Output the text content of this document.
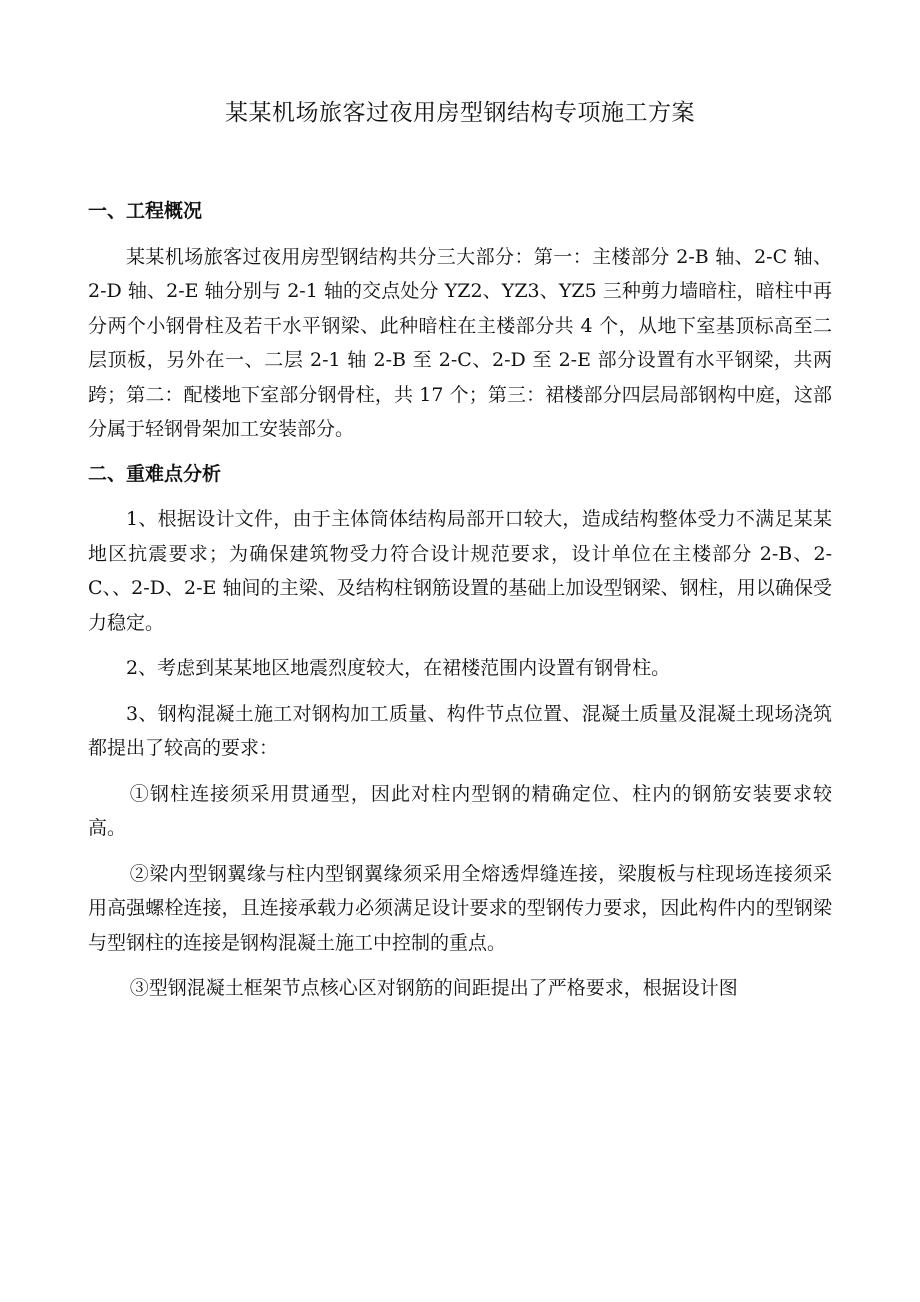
某某机场旅客过夜用房型钢结构专项施工方案

一、工程概况

某某机场旅客过夜用房型钢结构共分三大部分：第一：主楼部分 2-B 轴、2-C 轴、2-D 轴、2-E 轴分别与 2-1 轴的交点处分 YZ2、YZ3、YZ5 三种剪力墙暗柱，暗柱中再分两个小钢骨柱及若干水平钢梁、此种暗柱在主楼部分共 4 个，从地下室基顶标高至二层顶板，另外在一、二层 2-1 轴 2-B 至 2-C、2-D 至 2-E 部分设置有水平钢梁，共两跨；第二：配楼地下室部分钢骨柱，共 17 个；第三：裙楼部分四层局部钢构中庭，这部分属于轻钢骨架加工安装部分。

二、重难点分析

1、根据设计文件，由于主体筒体结构局部开口较大，造成结构整体受力不满足某某地区抗震要求；为确保建筑物受力符合设计规范要求，设计单位在主楼部分 2-B、2-C、、2-D、2-E 轴间的主梁、及结构柱钢筋设置的基础上加设型钢梁、钢柱，用以确保受力稳定。

2、考虑到某某地区地震烈度较大，在裙楼范围内设置有钢骨柱。

3、钢构混凝土施工对钢构加工质量、构件节点位置、混凝土质量及混凝土现场浇筑都提出了较高的要求：

①钢柱连接须采用贯通型，因此对柱内型钢的精确定位、柱内的钢筋安装要求较高。

②梁内型钢翼缘与柱内型钢翼缘须采用全熔透焊缝连接，梁腹板与柱现场连接须采用高强螺栓连接，且连接承载力必须满足设计要求的型钢传力要求，因此构件内的型钢梁与型钢柱的连接是钢构混凝土施工中控制的重点。

③型钢混凝土框架节点核心区对钢筋的间距提出了严格要求，根据设计图
